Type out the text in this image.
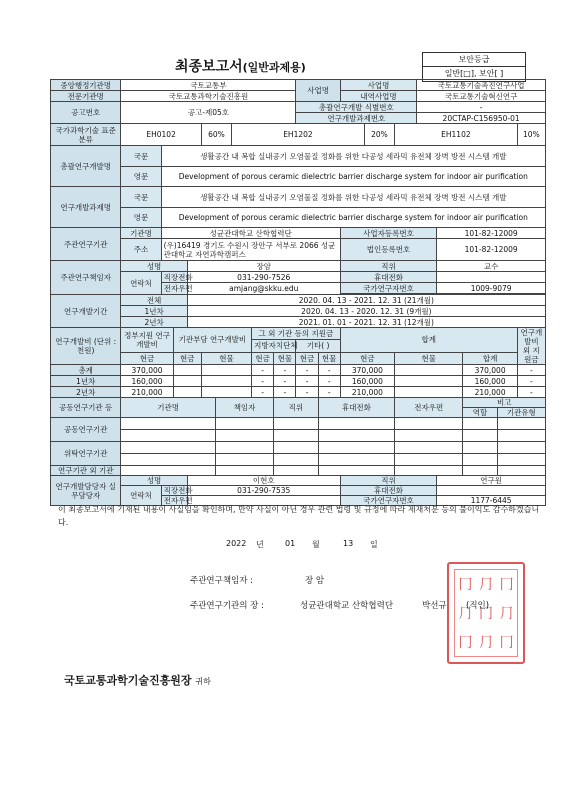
보안등급
일반[□], 보안[ ]
최종보고서(일반과제용)
중앙행정기관명	국토교통부									사업명		사업명			국토교통기술촉진연구사업				
전문기관명	국토교통과학기술진흥원											내역사업명			국토교통기술혁신연구				
공고번호	공고-제05호									총괄연구개발 식별번호					-				
										연구개발과제번호					20CTAP-C156950-01				
국가과학기술 표준분류	EH0102				60%		EH1202						20%	EH1102					10%
총괄연구개발명	국문	생활공간 내 복합 실내공기 오염물질 정화를 위한 다공성 세라믹 유전체 장벽 방전 시스템 개발																	
	영문	Development of porous ceramic dielectric barrier discharge system for indoor air purification																	
연구개발과제명	국문	생활공간 내 복합 실내공기 오염물질 정화를 위한 다공성 세라믹 유전체 장벽 방전 시스템 개발																	
	영문	Development of porous ceramic dielectric barrier discharge system for indoor air purification																	
주관연구기관	기관명	성균관대학교 산학협력단										사업자등록번호				101-82-12009			
	주소	(우)16419 경기도 수원시 장안구 서부로 2066 성균관대학교 자연과학캠퍼스										법인등록번호				101-82-12009			
주관연구책임자	성명			장암								직위				교수			
	연락처	직장전화		031-290-7526								휴대전화							
		전자우편		amjang@skku.edu								국가연구자번호				1009-9079			

연구개발기간	전체			2020. 04. 13 - 2021. 12. 31 (21개월)															
	1년차			2020. 04. 13 - 2020. 12. 31 (9개월)															
	2년차			2021. 01. 01 - 2021. 12. 31 (12개월)															
연구개발비 (단위 : 천원)	정부지원 연구개발비		기관부담 연구개발비					그 외 기관 등의 지원금				합계							연구개발비 외 지원금
								지방자치단체		기타( )									
	현금		현금		현물			현금	현물	현금	현물	현금		현물			합계		
총계	370,000							-	-	-	-	370,000					370,000		-
1년차	160,000							-	-	-	-	160,000					160,000		-
2년차	210,000							-	-	-	-	210,000					210,000		-
공동연구기관 등	기관명					책임자			직위		휴대전화			전자우편			비고		
																	역할	기관유형	
공동연구기관																			

위탁연구기관																			

연구기관 외 기관																			
연구개발담당자 실무담당자	성명			이현호								직위				연구원			
	연락처	직장전화		031-290-7535								휴대전화							
		전자우편										국가연구자번호				1177-6445			
이 최종보고서에 기재된 내용이 사실임을 확인하며, 만약 사실이 아닌 경우 관련 법령 및 규정에 따라 제재처분 등의 불이익도 감수하겠습니다.
2022 년	01 월	13 일
주관연구책임자 :	장 암
주관연구기관의 장 :	성균관대학교 산학협력단	박선규 (직인)
冂 ⺆ 冂
⺆ 冂 ⺆
冂 ⺆ 冂
국토교통과학기술진흥원장 귀하
